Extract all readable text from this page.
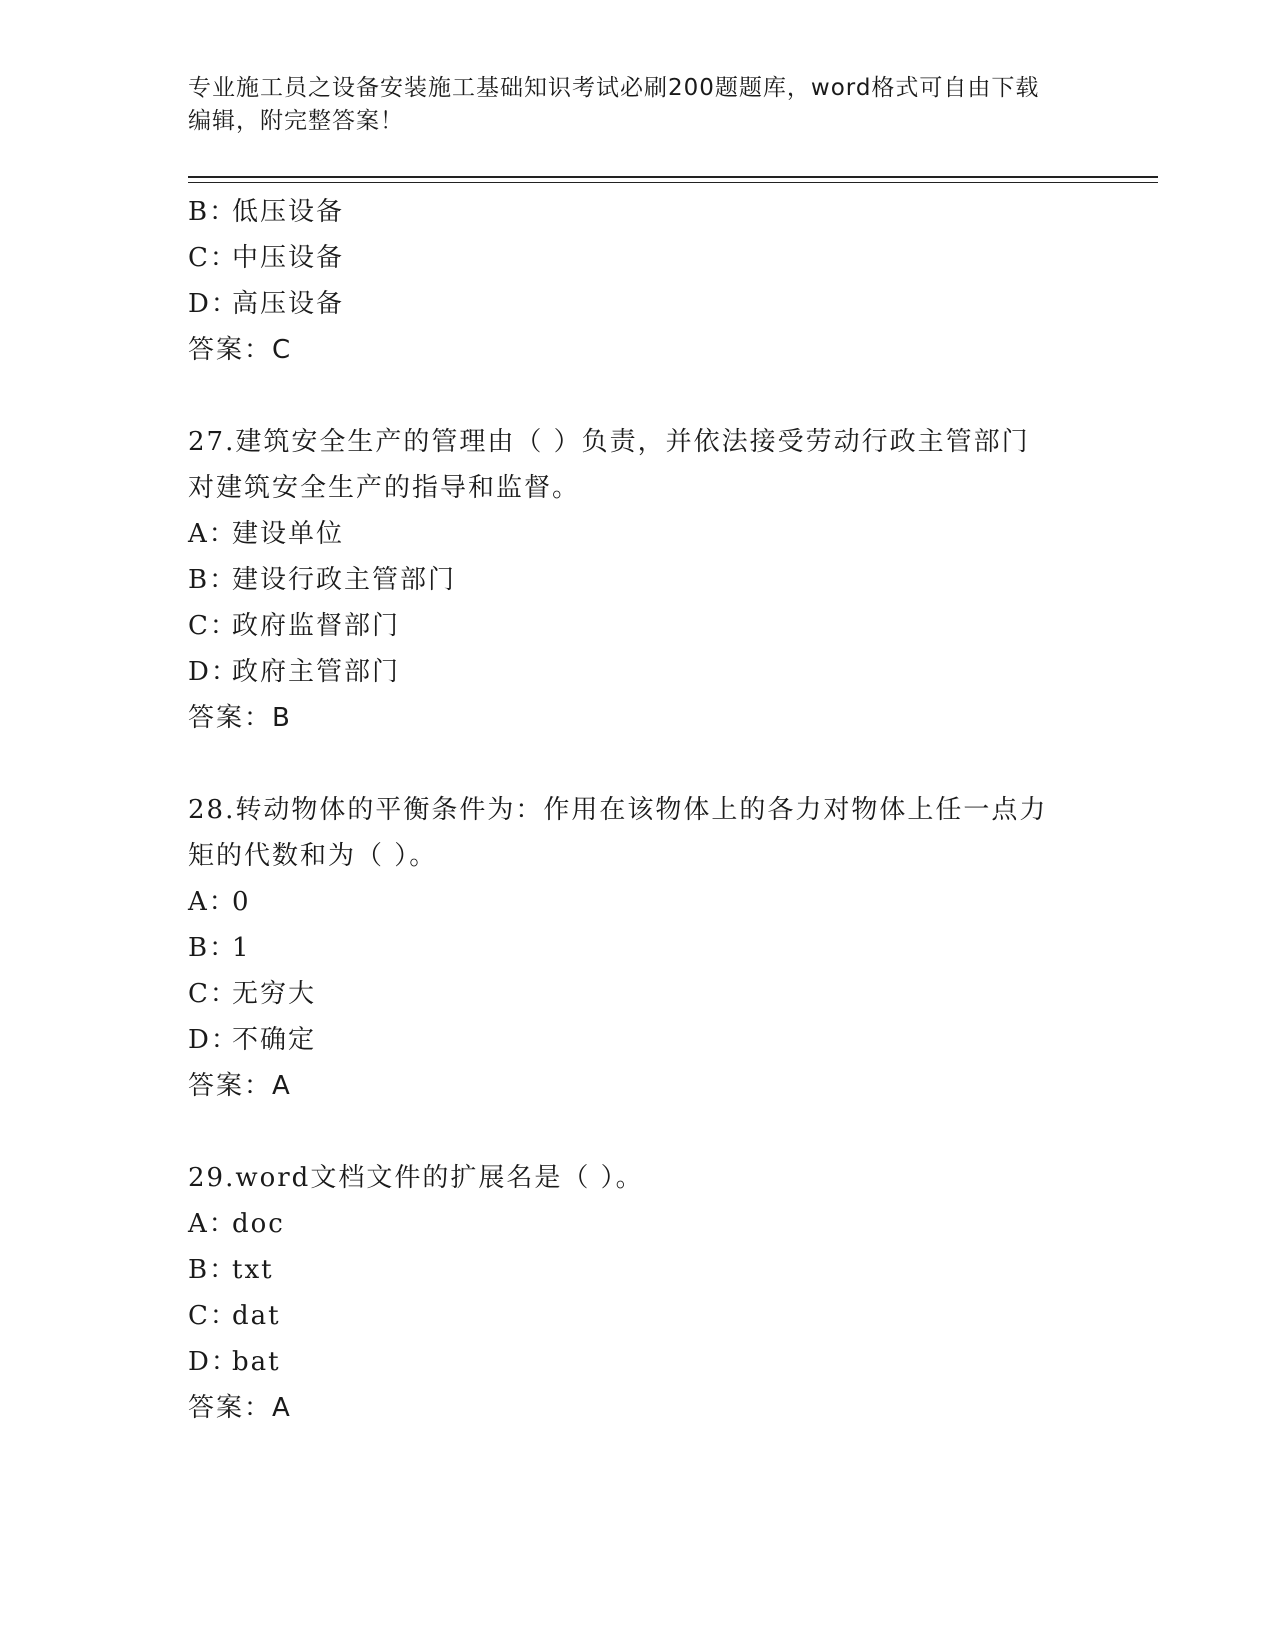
专业施工员之设备安装施工基础知识考试必刷200题题库，word格式可自由下载
编辑，附完整答案！
B：低压设备
C：中压设备
D：高压设备
答案：C
27.建筑安全生产的管理由（ ）负责，并依法接受劳动行政主管部门
对建筑安全生产的指导和监督。
A：建设单位
B：建设行政主管部门
C：政府监督部门
D：政府主管部门
答案：B
28.转动物体的平衡条件为：作用在该物体上的各力对物体上任一点力
矩的代数和为（ ）。
A：0
B：1
C：无穷大
D：不确定
答案：A
29.word文档文件的扩展名是（ ）。
A：doc
B：txt
C：dat
D：bat
答案：A
